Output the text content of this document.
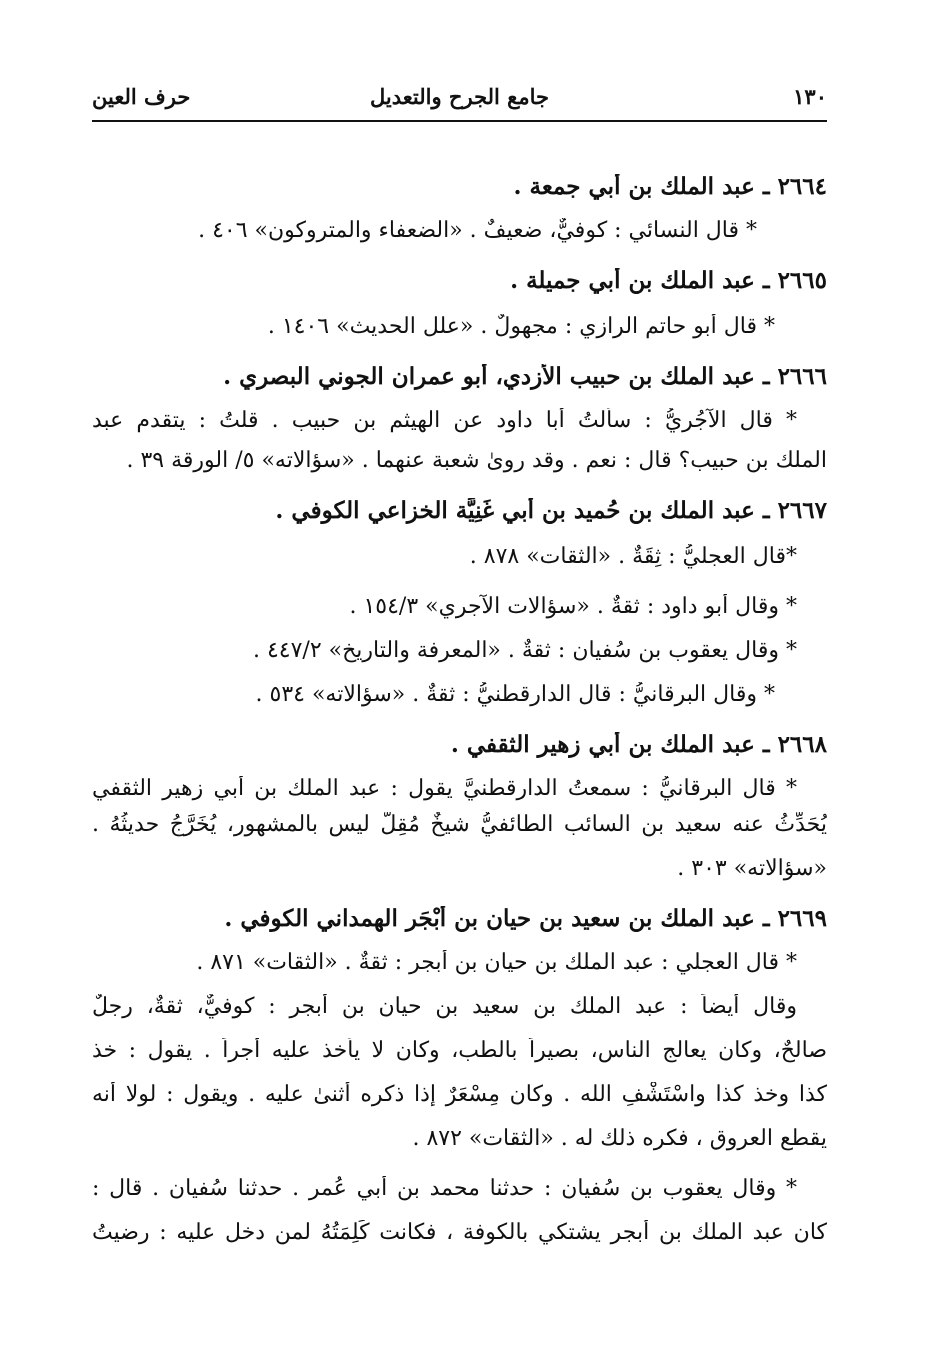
١٣٠
جامع الجرح والتعديل
حرف العين
٢٦٦٤ ـ عبد الملك بن أبي جمعة .
* قال النسائي : كوفيٌّ، ضعيفٌ . «الضعفاء والمتروكون» ٤٠٦ .
٢٦٦٥ ـ عبد الملك بن أبي جميلة .
* قال أبو حاتم الرازي : مجهولٌ . «علل الحديث» ١٤٠٦ .
٢٦٦٦ ـ عبد الملك بن حبيب الأزدي، أبو عمران الجوني البصري .
* قال الآجُريُّ : سألتُ أبا داود عن الهيثم بن حبيب . قلتُ : يتقدم عبد
الملك بن حبيب؟ قال : نعم . وقد روىٰ شعبة عنهما . «سؤالاته» ٥/ الورقة ٣٩ .
٢٦٦٧ ـ عبد الملك بن حُميد بن أبي غَنِيَّة الخزاعي الكوفي .
*قال العجليُّ : ثِقَةٌ . «الثقات» ٨٧٨ .
* وقال أبو داود : ثقةٌ . «سؤالات الآجري» ١٥٤/٣ .
* وقال يعقوب بن سُفيان : ثقةٌ . «المعرفة والتاريخ» ٤٤٧/٢ .
* وقال البرقانيُّ : قال الدارقطنيُّ : ثقةٌ . «سؤالاته» ٥٣٤ .
٢٦٦٨ ـ عبد الملك بن أبي زهير الثقفي .
* قال البرقانيُّ : سمعتُ الدارقطنيَّ يقول : عبد الملك بن أبي زهير الثقفي
يُحَدِّثُ عنه سعيد بن السائب الطائفيُّ شيخٌ مُقِلٌّ ليس بالمشهور، يُخَرَّجُ حديثُهُ .
«سؤالاته» ٣٠٣ .
٢٦٦٩ ـ عبد الملك بن سعيد بن حيان بن أَبْجَر الهمداني الكوفي .
* قال العجلي : عبد الملك بن حيان بن أبجر : ثقةٌ . «الثقات» ٨٧١ .
وقال أيضاً : عبد الملك بن سعيد بن حيان بن أبجر : كوفيٌّ، ثقةٌ، رجلٌ
صالحٌ، وكان يعالج الناس، بصيراً بالطب، وكان لا يأخذ عليه أجراً . يقول : خذ
كذا وخذ كذا واسْتَشْفِ الله . وكان مِسْعَرٌ إذا ذكره أثنىٰ عليه . ويقول : لولا أنه
يقطع العروق ، فكره ذلك له . «الثقات» ٨٧٢ .
* وقال يعقوب بن سُفيان : حدثنا محمد بن أبي عُمر . حدثنا سُفيان . قال :
كان عبد الملك بن أبجر يشتكي بالكوفة ، فكانت كَلِمَتُهُ لمن دخل عليه : رضيتُ
